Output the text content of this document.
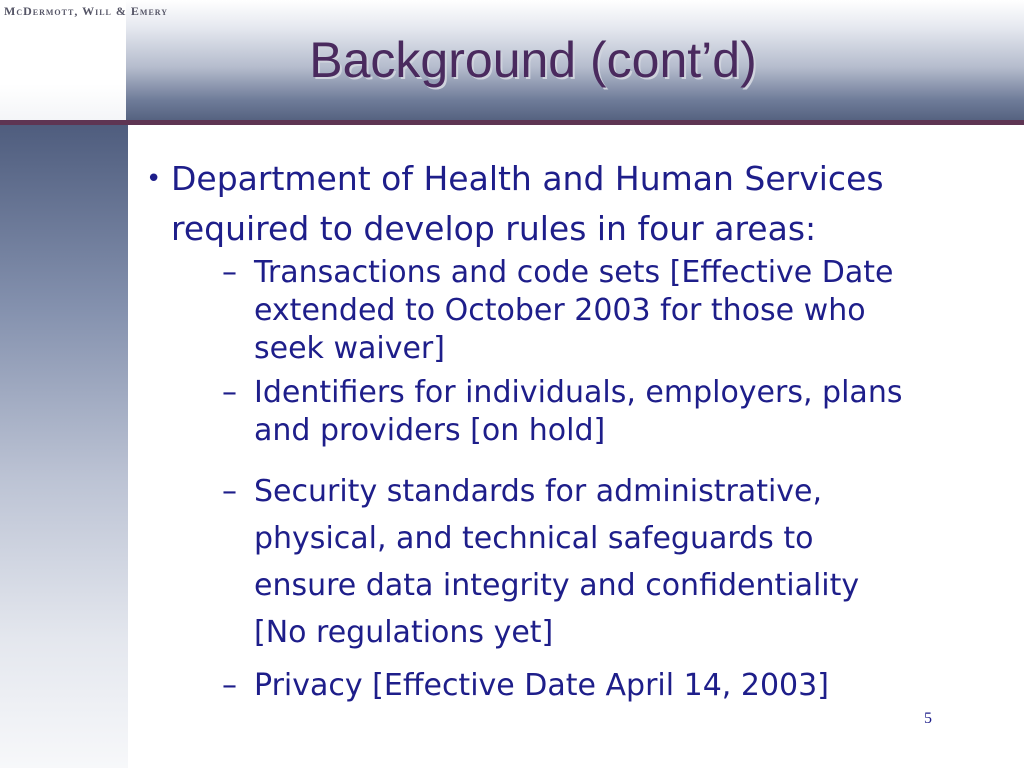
McDermott, Will & Emery
Background (cont’d)
• Department of Health and Human Services
required to develop rules in four areas:
– Transactions and code sets [Effective Date
extended to October 2003 for those who
seek waiver]
– Identifiers for individuals, employers, plans
and providers [on hold]
– Security standards for administrative,
physical, and technical safeguards to
ensure data integrity and confidentiality
[No regulations yet]
– Privacy [Effective Date April 14, 2003]
5
